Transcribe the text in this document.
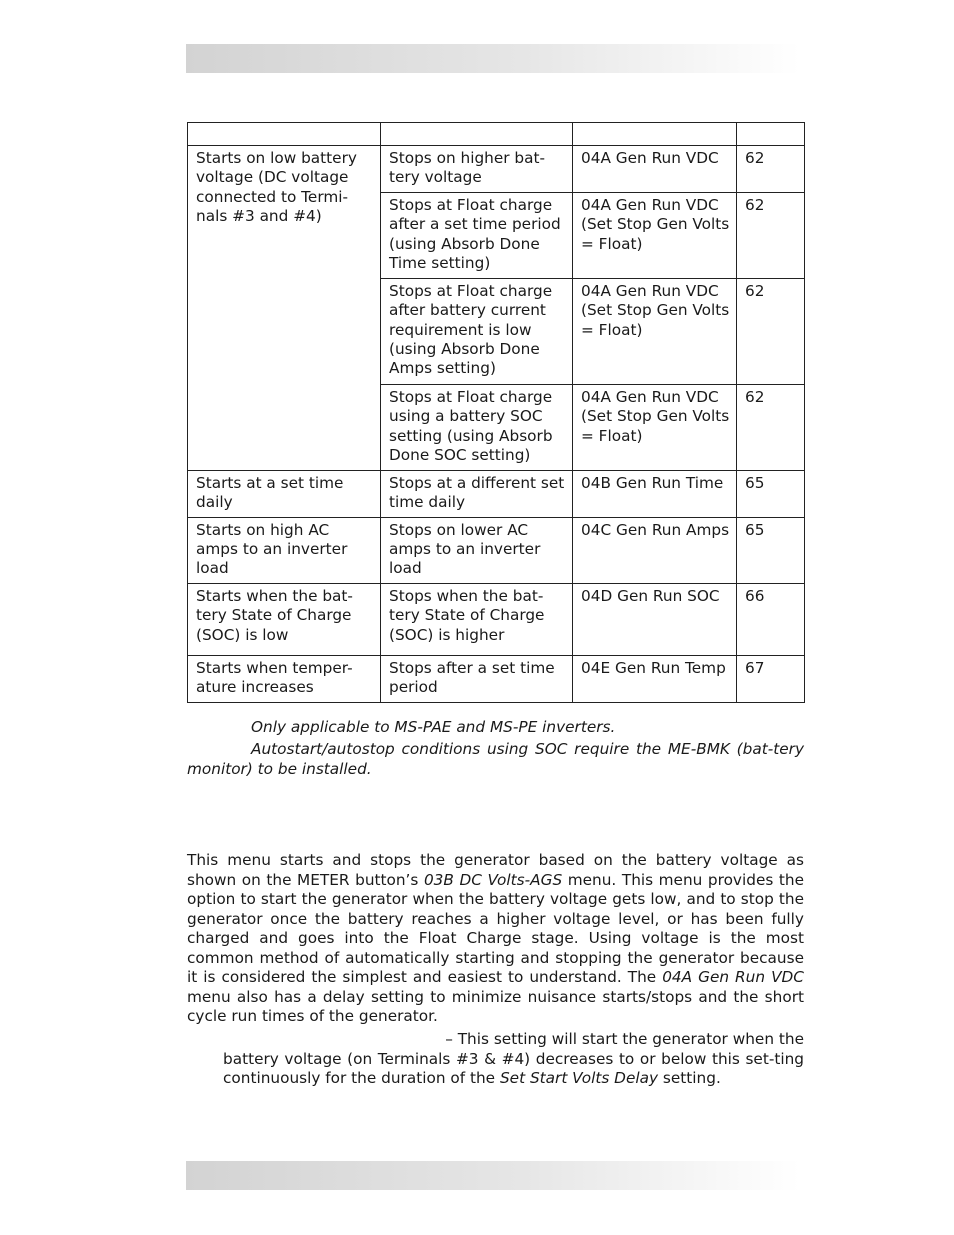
Starts on low battery voltage (DC voltage connected to Termi-nals #3 and #4)	Stops on higher bat-tery voltage	04A Gen Run VDC	62
	Stops at Float charge after a set time period (using Absorb Done Time setting)	04A Gen Run VDC (Set Stop Gen Volts = Float)	62
	Stops at Float charge after battery current requirement is low (using Absorb Done Amps setting)	04A Gen Run VDC (Set Stop Gen Volts = Float)	62
	Stops at Float charge using a battery SOC setting (using Absorb Done SOC setting)	04A Gen Run VDC (Set Stop Gen Volts = Float)	62
Starts at a set time daily	Stops at a different set time daily	04B Gen Run Time	65
Starts on high AC amps to an inverter load	Stops on lower AC amps to an inverter load	04C Gen Run Amps	65
Starts when the bat-tery State of Charge (SOC) is low	Stops when the bat-tery State of Charge (SOC) is higher	04D Gen Run SOC	66
Starts when temper-ature increases	Stops after a set time period	04E Gen Run Temp	67

Only applicable to MS-PAE and MS-PE inverters.

Autostart/autostop conditions using SOC require the ME-BMK (bat-tery monitor) to be installed.

This menu starts and stops the generator based on the battery voltage as shown on the METER button’s 03B DC Volts-AGS menu. This menu provides the option to start the generator when the battery voltage gets low, and to stop the generator once the battery reaches a higher voltage level, or has been fully charged and goes into the Float Charge stage. Using voltage is the most common method of automatically starting and stopping the generator because it is considered the simplest and easiest to understand. The 04A Gen Run VDC menu also has a delay setting to minimize nuisance starts/stops and the short cycle run times of the generator.

– This setting will start the generator when the
battery voltage (on Terminals #3 & #4) decreases to or below this set-ting continuously for the duration of the Set Start Volts Delay setting.
